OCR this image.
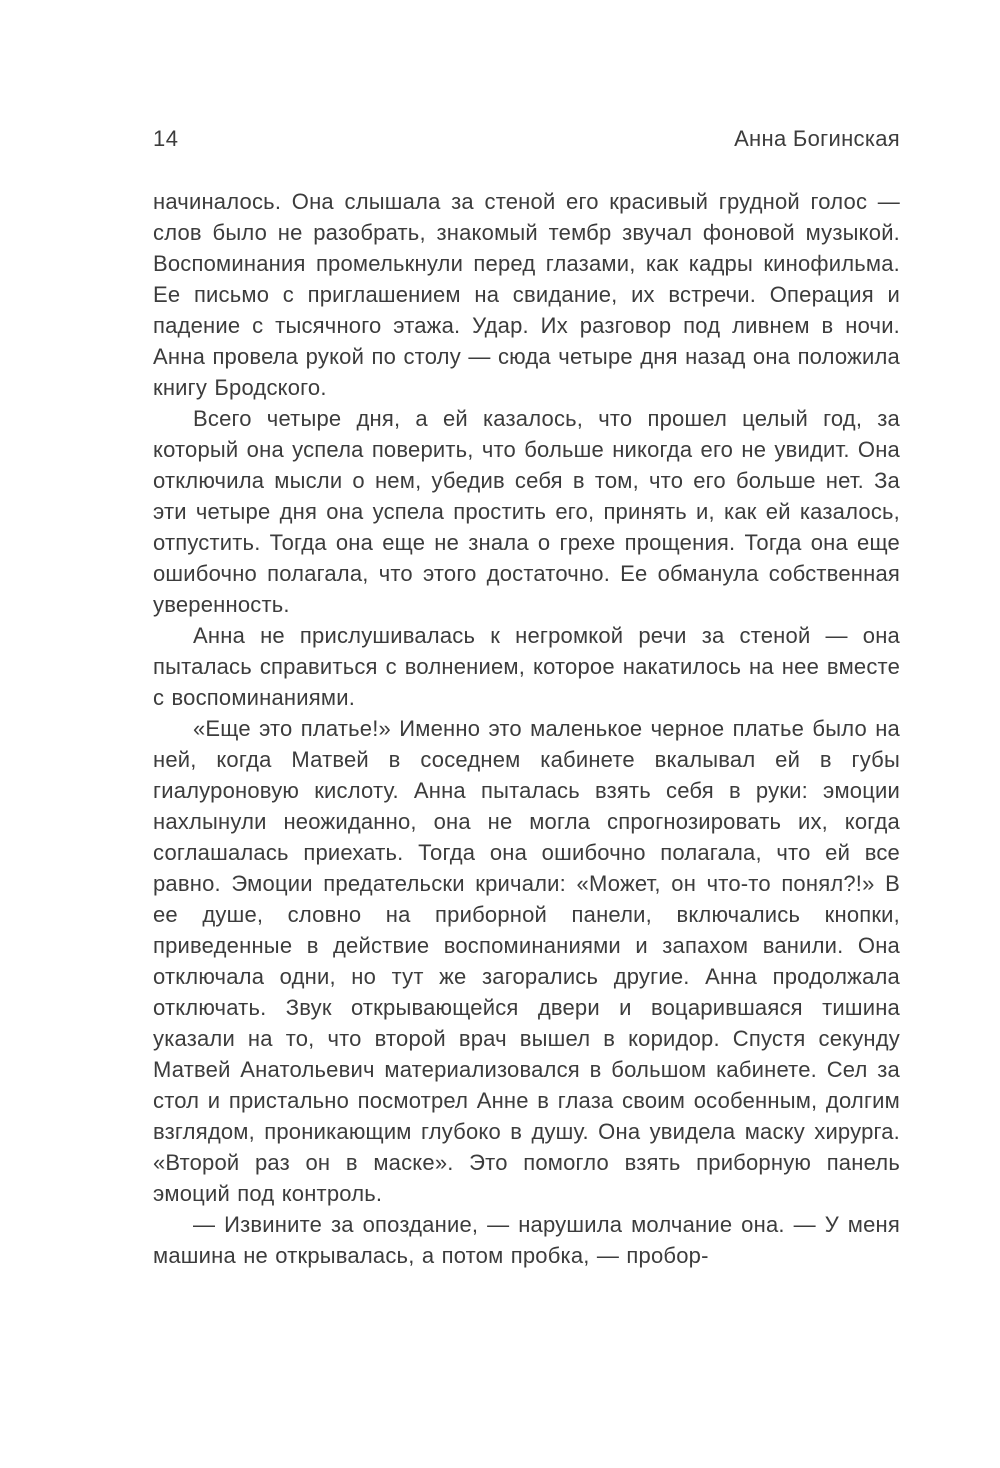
14	Анна Богинская

начиналось. Она слышала за стеной его красивый грудной голос — слов было не разобрать, знакомый тембр звучал фоновой музыкой. Воспоминания промелькнули перед глазами, как кадры кинофильма. Ее письмо с приглашением на свидание, их встречи. Операция и падение с тысячного этажа. Удар. Их разговор под ливнем в ночи. Анна провела рукой по столу — сюда четыре дня назад она положила книгу Бродского.

Всего четыре дня, а ей казалось, что прошел целый год, за который она успела поверить, что больше никогда его не увидит. Она отключила мысли о нем, убедив себя в том, что его больше нет. За эти четыре дня она успела простить его, принять и, как ей казалось, отпустить. Тогда она еще не знала о грехе прощения. Тогда она еще ошибочно полагала, что этого достаточно. Ее обманула собственная уверенность.

Анна не прислушивалась к негромкой речи за стеной — она пыталась справиться с волнением, которое накатилось на нее вместе с воспоминаниями.

«Еще это платье!» Именно это маленькое черное платье было на ней, когда Матвей в соседнем кабинете вкалывал ей в губы гиалуроновую кислоту. Анна пыталась взять себя в руки: эмоции нахлынули неожиданно, она не могла спрогнозировать их, когда соглашалась приехать. Тогда она ошибочно полагала, что ей все равно. Эмоции предательски кричали: «Может, он что-то понял?!» В ее душе, словно на приборной панели, включались кнопки, приведенные в действие воспоминаниями и запахом ванили. Она отключала одни, но тут же загорались другие. Анна продолжала отключать. Звук открывающейся двери и воцарившаяся тишина указали на то, что второй врач вышел в коридор. Спустя секунду Матвей Анатольевич материализовался в большом кабинете. Сел за стол и пристально посмотрел Анне в глаза своим особенным, долгим взглядом, проникающим глубоко в душу. Она увидела маску хирурга. «Второй раз он в маске». Это помогло взять приборную панель эмоций под контроль.

— Извините за опоздание, — нарушила молчание она. — У меня машина не открывалась, а потом пробка, — пробор-
